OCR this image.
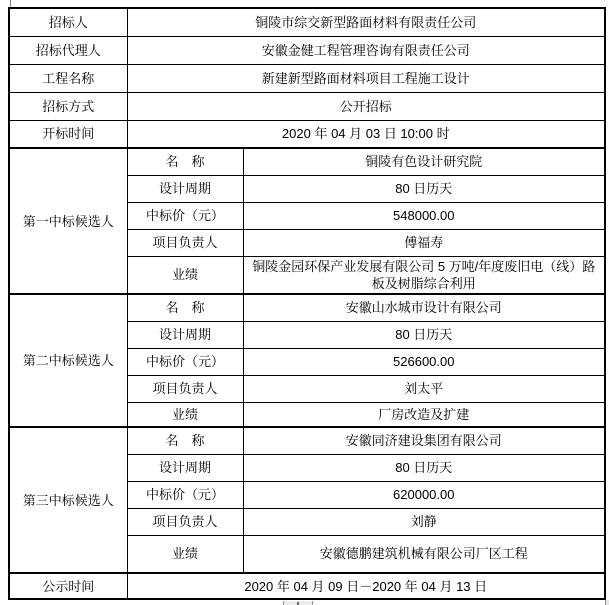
招标人	铜陵市综交新型路面材料有限责任公司	
招标代理人	安徽金健工程管理咨询有限责任公司	
工程名称	新建新型路面材料项目工程施工设计	
招标方式	公开招标	
开标时间	2020 年 04 月 03 日 10:00 时	
第一中标候选人	名　称	铜陵有色设计研究院
	设计周期	80 日历天
	中标价（元）	548000.00
	项目负责人	傅福寿
	业绩	铜陵金园环保产业发展有限公司 5 万吨/年度废旧电（线）路板及树脂综合利用
第二中标候选人	名　称	安徽山水城市设计有限公司
	设计周期	80 日历天
	中标价（元）	526600.00
	项目负责人	刘太平
	业绩	厂房改造及扩建
第三中标候选人	名　称	安徽同济建设集团有限公司
	设计周期	80 日历天
	中标价（元）	620000.00
	项目负责人	刘静
	业绩	安徽德鹏建筑机械有限公司厂区工程
公示时间	2020 年 04 月 09 日－2020 年 04 月 13 日	
